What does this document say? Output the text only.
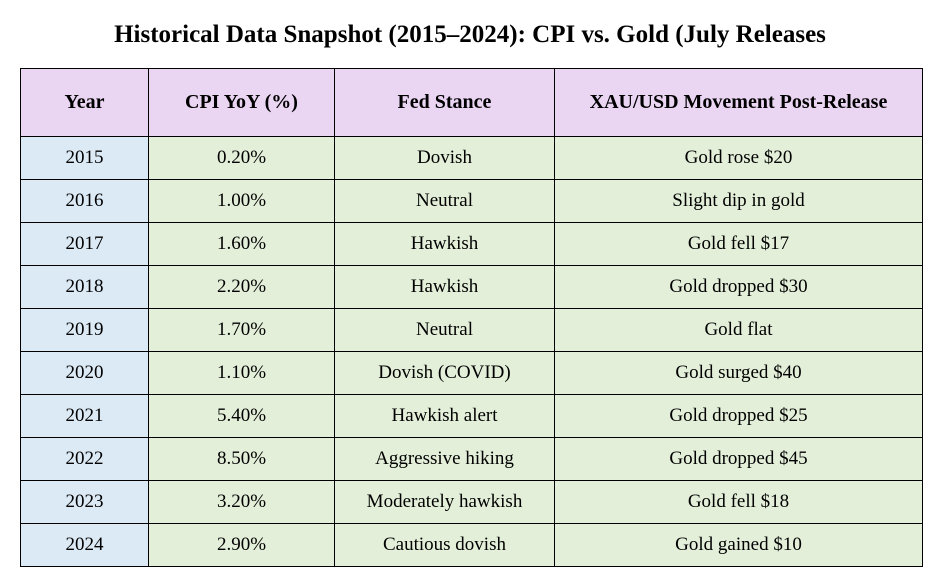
Historical Data Snapshot (2015–2024): CPI vs. Gold (July Releases
Year	CPI YoY (%)	Fed Stance	XAU/USD Movement Post-Release
2015	0.20%	Dovish	Gold rose $20
2016	1.00%	Neutral	Slight dip in gold
2017	1.60%	Hawkish	Gold fell $17
2018	2.20%	Hawkish	Gold dropped $30
2019	1.70%	Neutral	Gold flat
2020	1.10%	Dovish (COVID)	Gold surged $40
2021	5.40%	Hawkish alert	Gold dropped $25
2022	8.50%	Aggressive hiking	Gold dropped $45
2023	3.20%	Moderately hawkish	Gold fell $18
2024	2.90%	Cautious dovish	Gold gained $10
